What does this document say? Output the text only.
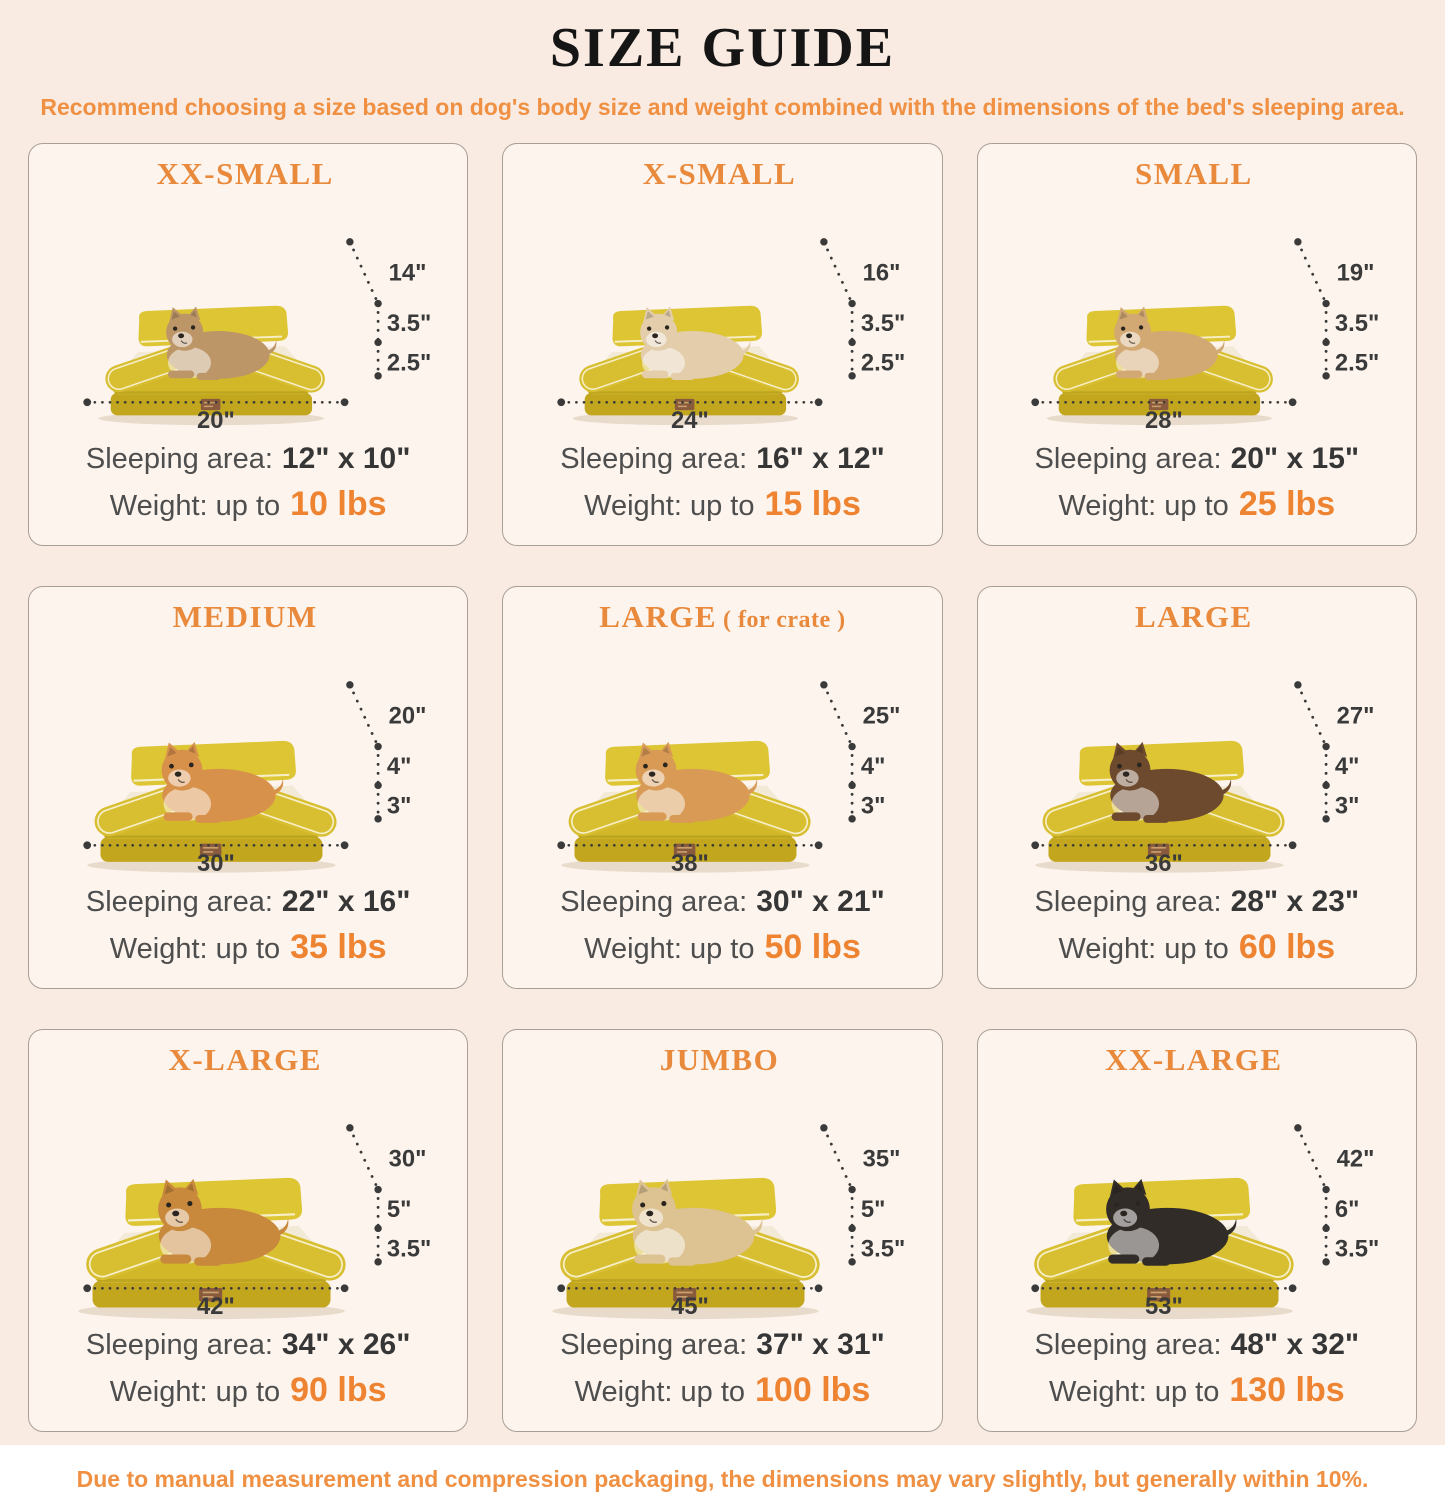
SIZE GUIDE

Recommend choosing a size based on dog's body size and weight combined with the dimensions of the bed's sleeping area.

XX-SMALL
14"
3.5"
2.5"
20"
Sleeping area: 12" x 10"
Weight: up to 10 lbs
X-SMALL
16"
3.5"
2.5"
24"
Sleeping area: 16" x 12"
Weight: up to 15 lbs
SMALL
19"
3.5"
2.5"
28"
Sleeping area: 20" x 15"
Weight: up to 25 lbs
MEDIUM
20"
4"
3"
30"
Sleeping area: 22" x 16"
Weight: up to 35 lbs
LARGE ( for crate )
25"
4"
3"
38"
Sleeping area: 30" x 21"
Weight: up to 50 lbs
LARGE
27"
4"
3"
36"
Sleeping area: 28" x 23"
Weight: up to 60 lbs
X-LARGE
30"
5"
3.5"
42"
Sleeping area: 34" x 26"
Weight: up to 90 lbs
JUMBO
35"
5"
3.5"
45"
Sleeping area: 37" x 31"
Weight: up to 100 lbs
XX-LARGE
42"
6"
3.5"
53"
Sleeping area: 48" x 32"
Weight: up to 130 lbs

Due to manual measurement and compression packaging, the dimensions may vary slightly, but generally within 10%.
